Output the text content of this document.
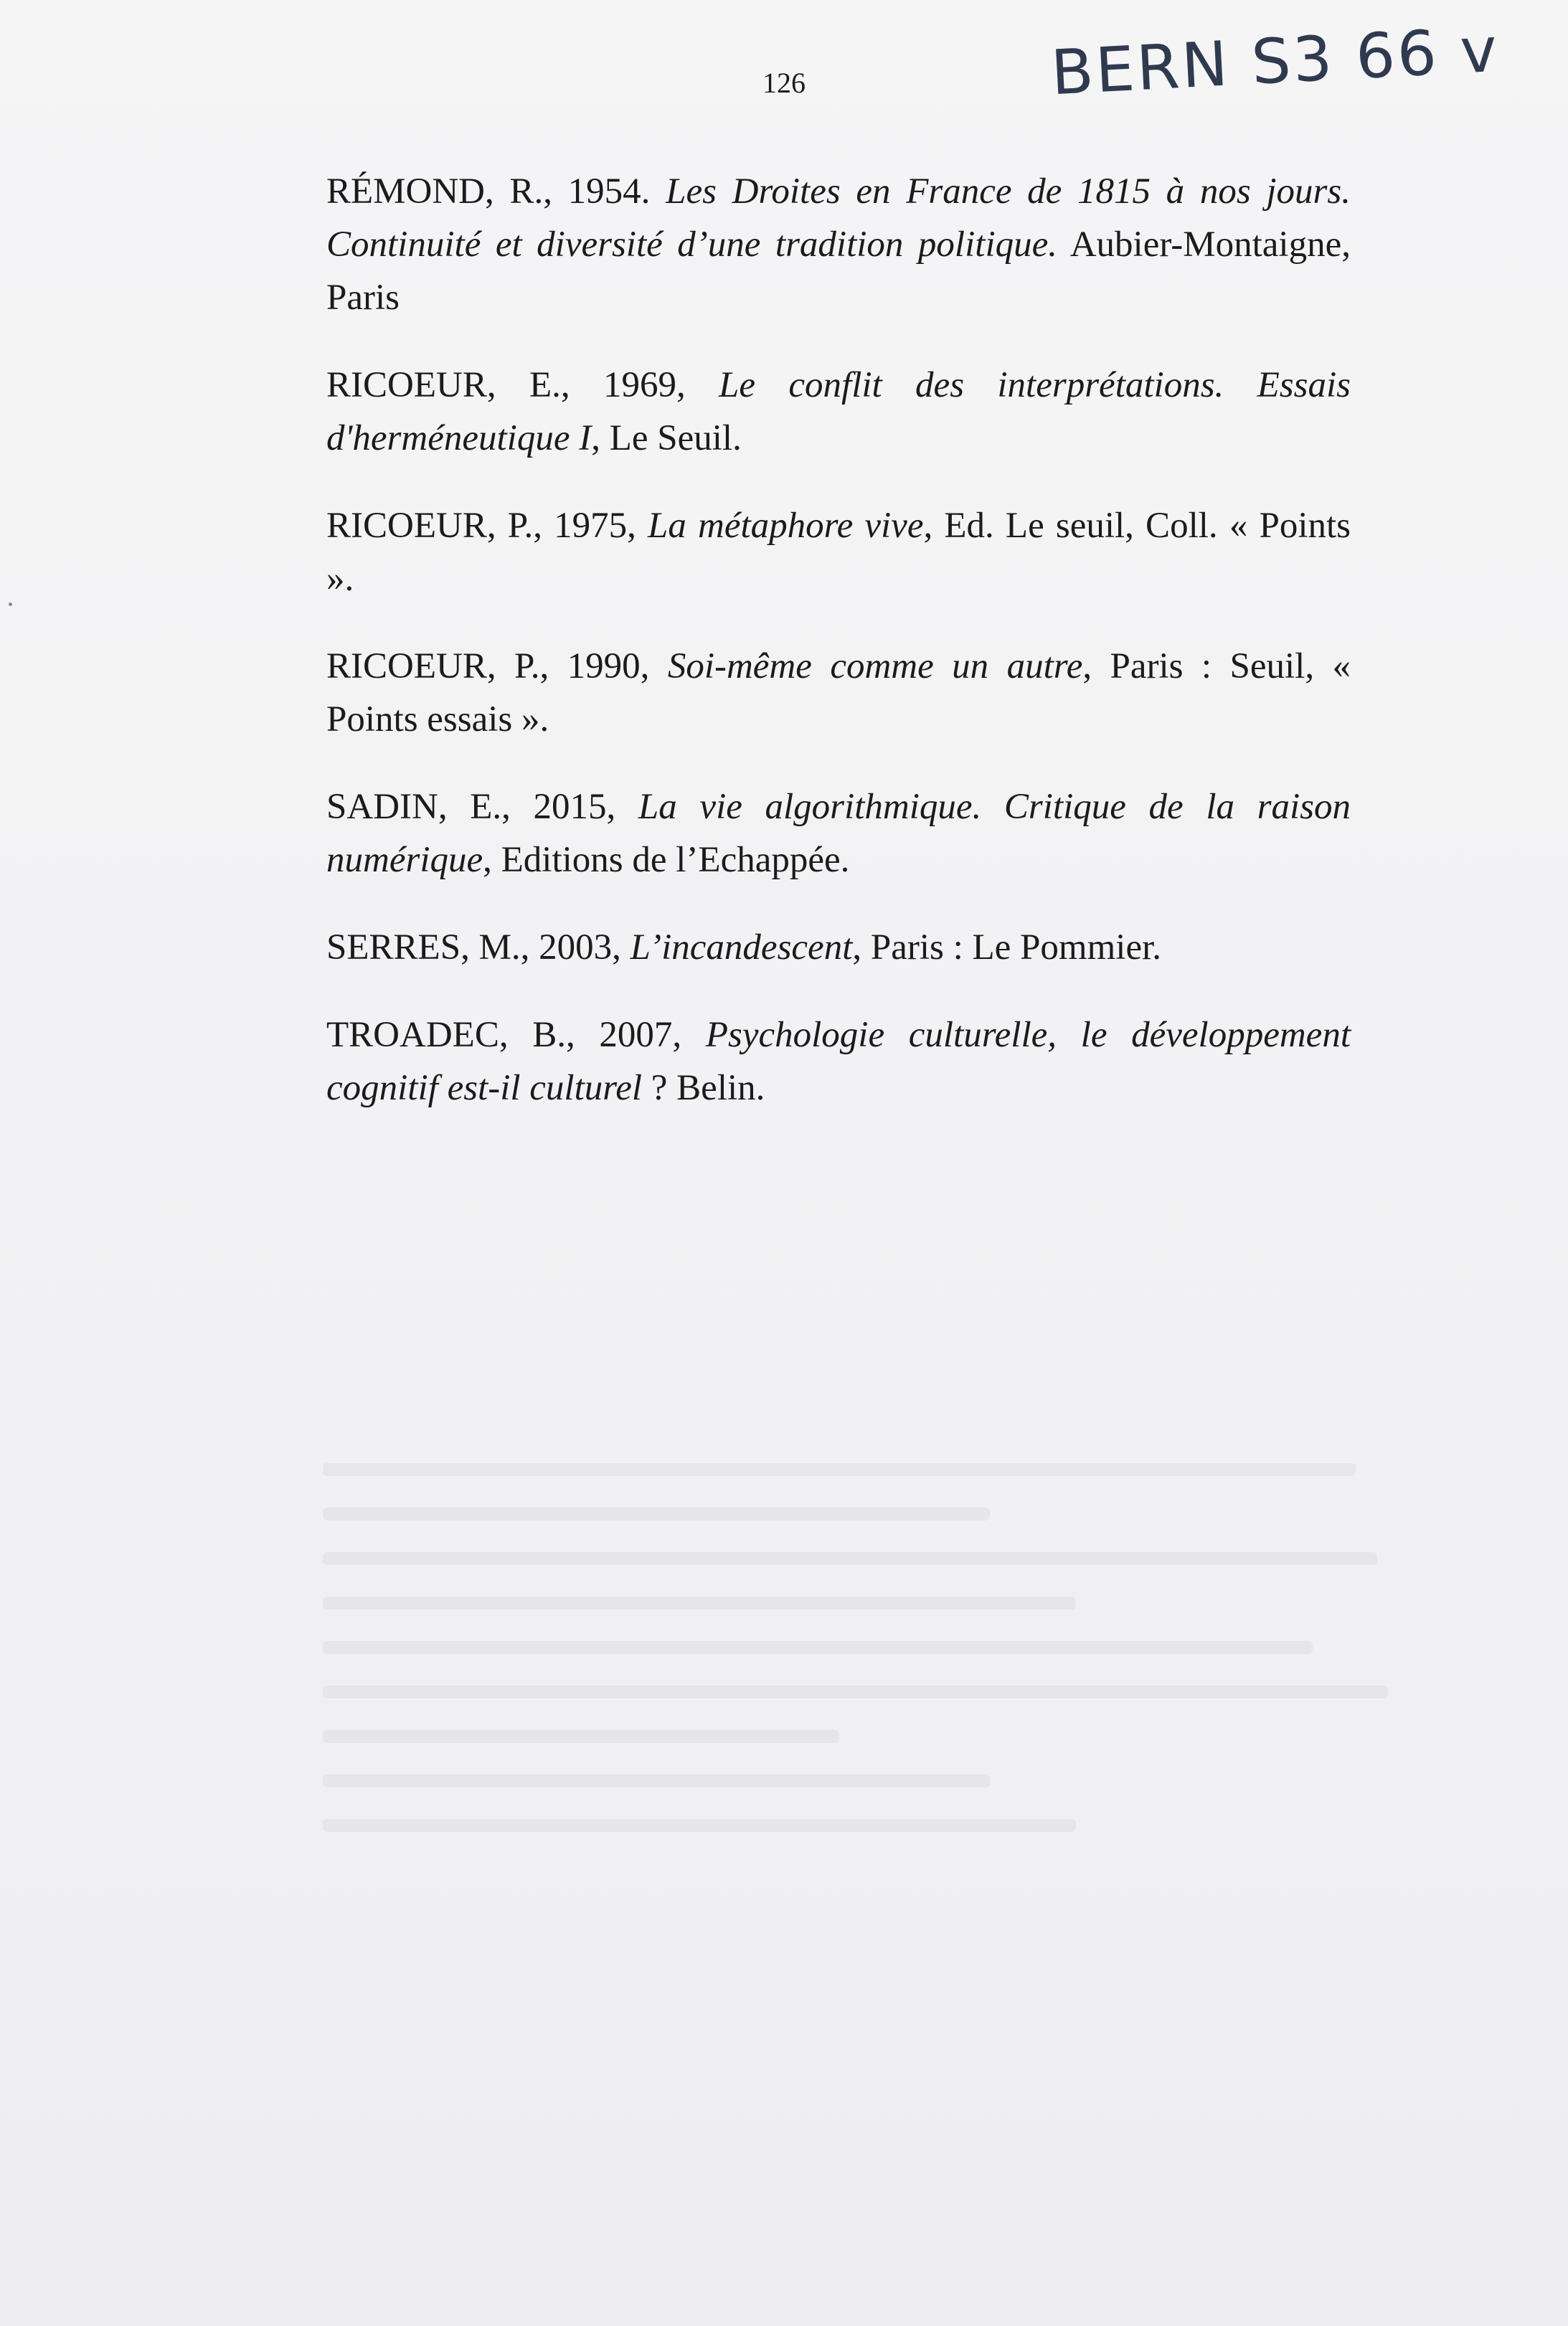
BERN S3 66 v
126

RÉMOND, R., 1954. Les Droites en France de 1815 à nos jours. Continuité et diversité d’une tradition politique. Aubier-Montaigne, Paris

RICOEUR, E., 1969, Le conflit des interprétations. Essais d'herméneutique I, Le Seuil.

RICOEUR, P., 1975, La métaphore vive, Ed. Le seuil, Coll. « Points ».

RICOEUR, P., 1990, Soi-même comme un autre, Paris : Seuil, « Points essais ».

SADIN, E., 2015, La vie algorithmique. Critique de la raison numérique, Editions de l’Echappée.

SERRES, M., 2003, L’incandescent, Paris : Le Pommier.

TROADEC, B., 2007, Psychologie culturelle, le développement cognitif est-il culturel ? Belin.
